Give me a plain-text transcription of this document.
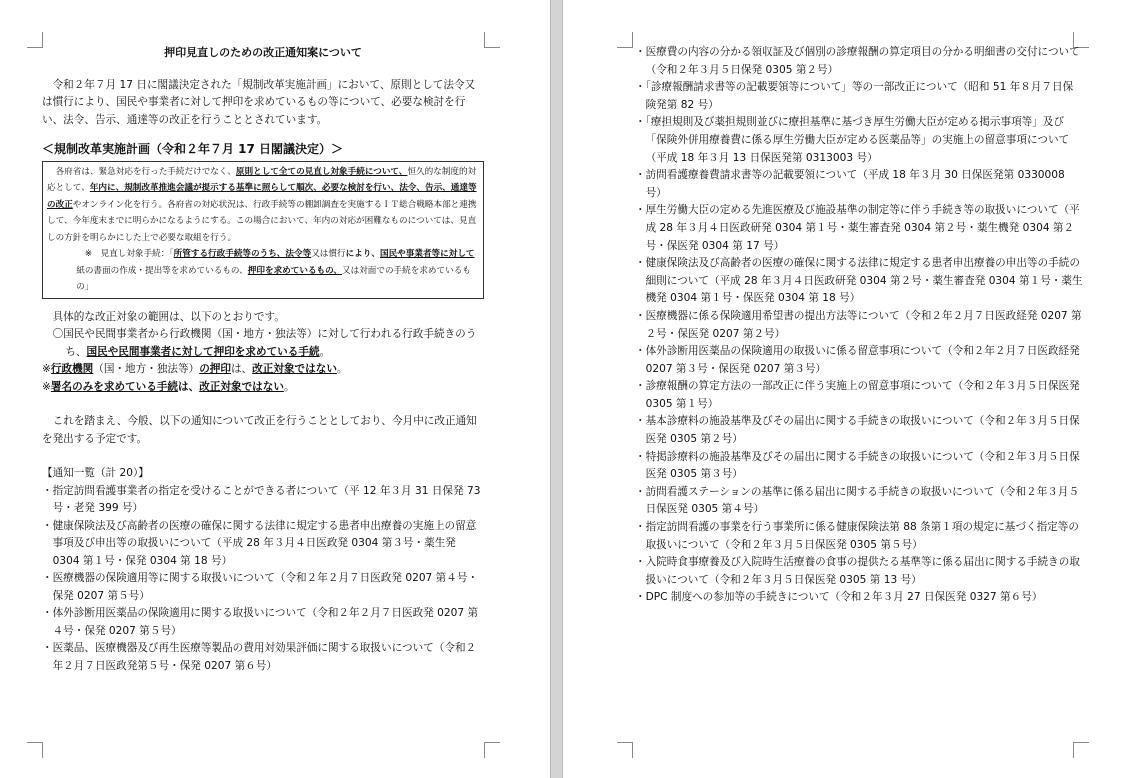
押印見直しのための改正通知案について

令和２年７月 17 日に閣議決定された「規制改革実施計画」において、原則として法令又は慣行により、国民や事業者に対して押印を求めているもの等について、必要な検討を行い、法令、告示、通達等の改正を行うこととされています。

＜規制改革実施計画（令和２年７月 17 日閣議決定）＞

各府省は、緊急対応を行った手続だけでなく、原則として全ての見直し対象手続について、恒久的な制度的対応として、年内に、規制改革推進会議が提示する基準に照らして順次、必要な検討を行い、法令、告示、通達等の改正やオンライン化を行う。各府省の対応状況は、行政手続等の棚卸調査を実施するＩＴ総合戦略本部と連携して、今年度末までに明らかになるようにする。この場合において、年内の対応が困難なものについては、見直しの方針を明らかにした上で必要な取組を行う。

※　見直し対象手続：「所管する行政手続等のうち、法令等又は慣行により、国民や事業者等に対して紙の書面の作成・提出等を求めているもの、押印を求めているもの、又は対面での手続を求めているもの」

具体的な改正対象の範囲は、以下のとおりです。

〇国民や民間事業者から行政機関（国・地方・独法等）に対して行われる行政手続きのうち、国民や民間事業者に対して押印を求めている手続。

※行政機関（国・地方・独法等）の押印は、改正対象ではない。

※署名のみを求めている手続は、改正対象ではない。

これを踏まえ、今般、以下の通知について改正を行うこととしており、今月中に改正通知を発出する予定です。

【通知一覧（計 20）】

・指定訪問看護事業者の指定を受けることができる者について（平 12 年３月 31 日保発 73 号・老発 399 号）
・健康保険法及び高齢者の医療の確保に関する法律に規定する患者申出療養の実施上の留意事項及び申出等の取扱いについて（平成 28 年３月４日医政発 0304 第３号・薬生発 0304 第１号・保発 0304 第 18 号）
・医療機器の保険適用等に関する取扱いについて（令和２年２月７日医政発 0207 第４号・保発 0207 第５号）
・体外診断用医薬品の保険適用に関する取扱いについて（令和２年２月７日医政発 0207 第４号・保発 0207 第５号）
・医薬品、医療機器及び再生医療等製品の費用対効果評価に関する取扱いについて（令和２年２月７日医政発第５号・保発 0207 第６号）
・医療費の内容の分かる領収証及び個別の診療報酬の算定項目の分かる明細書の交付について（令和２年３月５日保発 0305 第２号）
・「診療報酬請求書等の記載要領等について」等の一部改正について（昭和 51 年８月７日保険発第 82 号）
・「療担規則及び薬担規則並びに療担基準に基づき厚生労働大臣が定める掲示事項等」及び「保険外併用療養費に係る厚生労働大臣が定める医薬品等」の実施上の留意事項について（平成 18 年３月 13 日保医発第 0313003 号）
・訪問看護療養費請求書等の記載要領について（平成 18 年３月 30 日保医発第 0330008 号）
・厚生労働大臣の定める先進医療及び施設基準の制定等に伴う手続き等の取扱いについて（平成 28 年３月４日医政研発 0304 第１号・薬生審査発 0304 第２号・薬生機発 0304 第２号・保医発 0304 第 17 号）
・健康保険法及び高齢者の医療の確保に関する法律に規定する患者申出療養の申出等の手続の細則について（平成 28 年３月４日医政研発 0304 第２号・薬生審査発 0304 第１号・薬生機発 0304 第１号・保医発 0304 第 18 号）
・医療機器に係る保険適用希望書の提出方法等について（令和２年２月７日医政経発 0207 第２号・保医発 0207 第２号）
・体外診断用医薬品の保険適用の取扱いに係る留意事項について（令和２年２月７日医政経発 0207 第３号・保医発 0207 第３号）
・診療報酬の算定方法の一部改正に伴う実施上の留意事項について（令和２年３月５日保医発 0305 第１号）
・基本診療料の施設基準及びその届出に関する手続きの取扱いについて（令和２年３月５日保医発 0305 第２号）
・特掲診療料の施設基準及びその届出に関する手続きの取扱いについて（令和２年３月５日保医発 0305 第３号）
・訪問看護ステーションの基準に係る届出に関する手続きの取扱いについて（令和２年３月５日保医発 0305 第４号）
・指定訪問看護の事業を行う事業所に係る健康保険法第 88 条第１項の規定に基づく指定等の取扱いについて（令和２年３月５日保医発 0305 第５号）
・入院時食事療養及び入院時生活療養の食事の提供たる基準等に係る届出に関する手続きの取扱いについて（令和２年３月５日保医発 0305 第 13 号）
・DPC 制度への参加等の手続きについて（令和２年３月 27 日保医発 0327 第６号）
